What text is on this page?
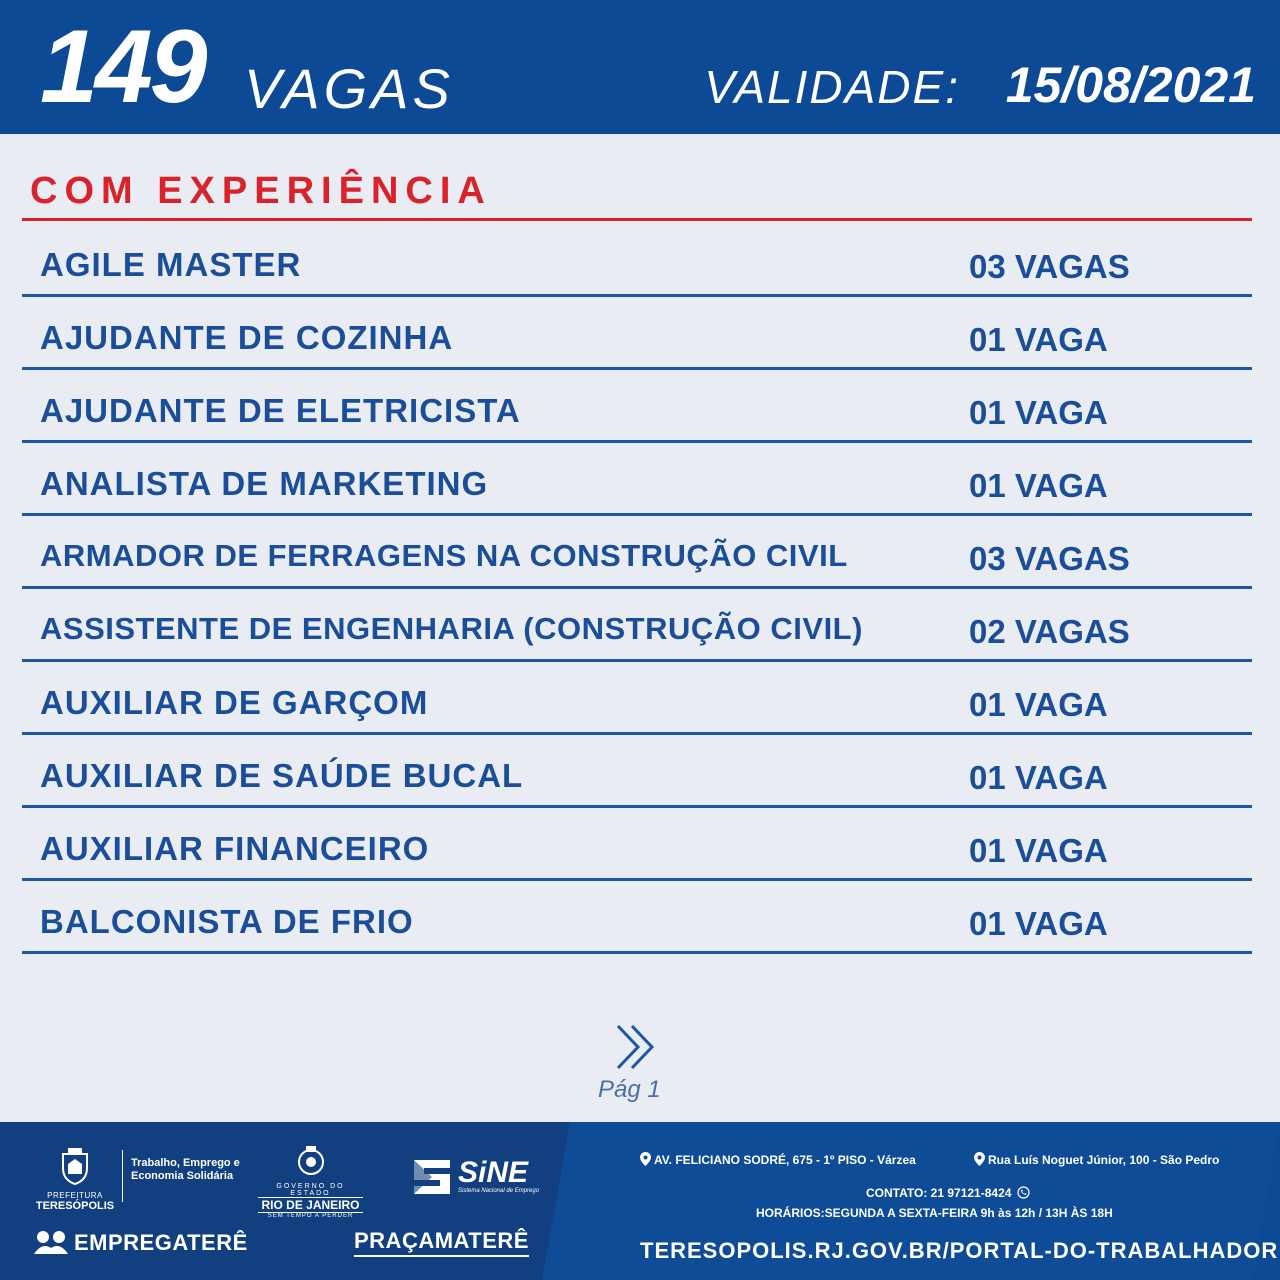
149 VAGAS	VALIDADE: 15/08/2021
COM EXPERIÊNCIA
AGILE MASTER	03 VAGAS
AJUDANTE DE COZINHA	01 VAGA
AJUDANTE DE ELETRICISTA	01 VAGA
ANALISTA DE MARKETING	01 VAGA
ARMADOR DE FERRAGENS NA CONSTRUÇÃO CIVIL	03 VAGAS
ASSISTENTE DE ENGENHARIA (CONSTRUÇÃO CIVIL)	02 VAGAS
AUXILIAR DE GARÇOM	01 VAGA
AUXILIAR DE SAÚDE BUCAL	01 VAGA
AUXILIAR FINANCEIRO	01 VAGA
BALCONISTA DE FRIO	01 VAGA
Pág 1
PREFEITURA
TERESÓPOLIS
Trabalho, Emprego e Economia Solidária
GOVERNO DO ESTADO
RIO DE JANEIRO
SEM TEMPO A PERDER
SiNE
Sistema Nacional de Emprego
EMPREGATERÊ	PRAÇAMATERÊ
AV. FELICIANO SODRÉ, 675 - 1º PISO - Várzea	Rua Luís Noguet Júnior, 100 - São Pedro
CONTATO: 21 97121-8424
HORÁRIOS:SEGUNDA A SEXTA-FEIRA 9h às 12h / 13H ÀS 18H
TERESOPOLIS.RJ.GOV.BR/PORTAL-DO-TRABALHADOR
